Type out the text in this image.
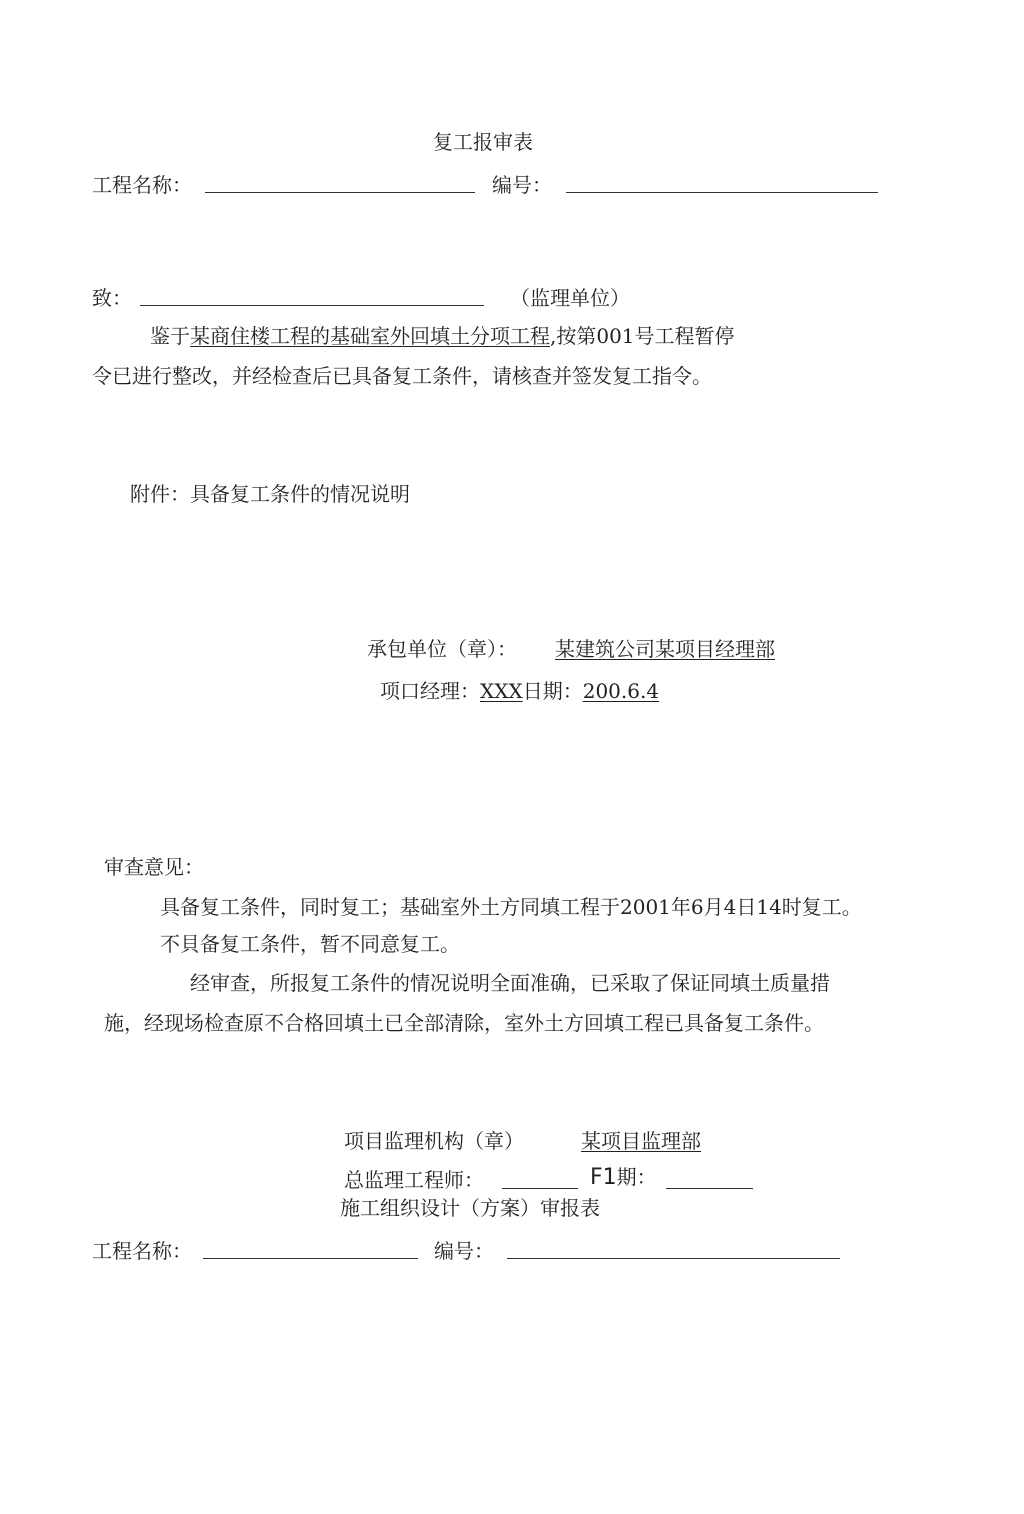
复工报审表
工程名称：	编号：
致：	（监理单位）
鉴于某商住楼工程的基础室外回填土分项工程,按第001号工程暂停
令已进行整改，并经检查后已具备复工条件，请核查并签发复工指令。
附件：具备复工条件的情况说明
承包单位（章）： 某建筑公司某项目经理部
项口经理：XXX日期：200.6.4
审查意见：
具备复工条件，同时复工；基础室外土方同填工程于2001年6月4日14时复工。
不貝备复工条件，暂不同意复工。
经审查，所报复工条件的情况说明全面准确，已采取了保证同填土质量措
施，经现场检查原不合格回填土已全部清除，室外土方回填工程已具备复工条件。
项目监理机构（章）	某项目监理部
总监理工程师：	F1期：
施工组织设计（方案）审报表
工程名称：	编号：
